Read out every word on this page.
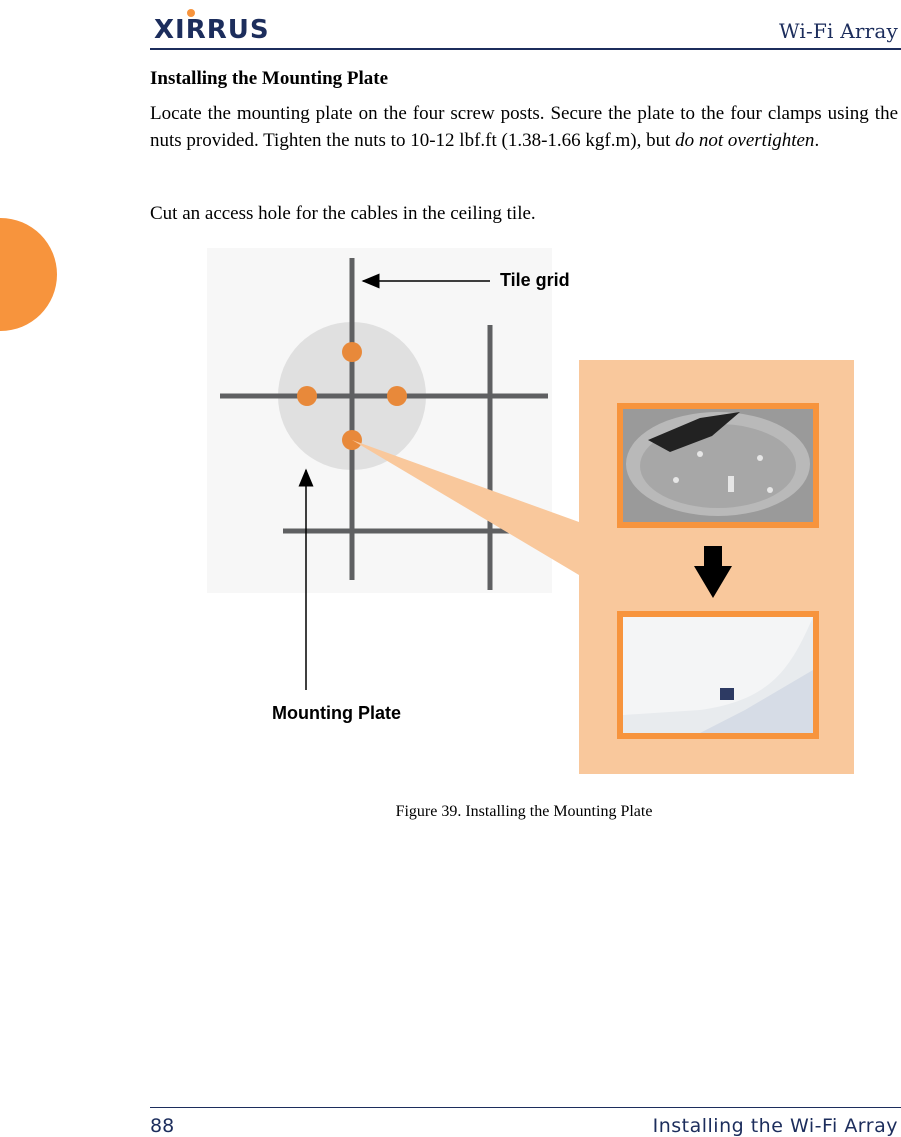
XIRRUS	Wi-Fi Array
Installing the Mounting Plate

Locate the mounting plate on the four screw posts. Secure the plate to the four clamps using the nuts provided. Tighten the nuts to 10-12 lbf.ft (1.38-1.66 kgf.m), but do not overtighten.

Cut an access hole for the cables in the ceiling tile.

Tile grid
Mounting Plate
Figure 39. Installing the Mounting Plate
88	Installing the Wi-Fi Array
